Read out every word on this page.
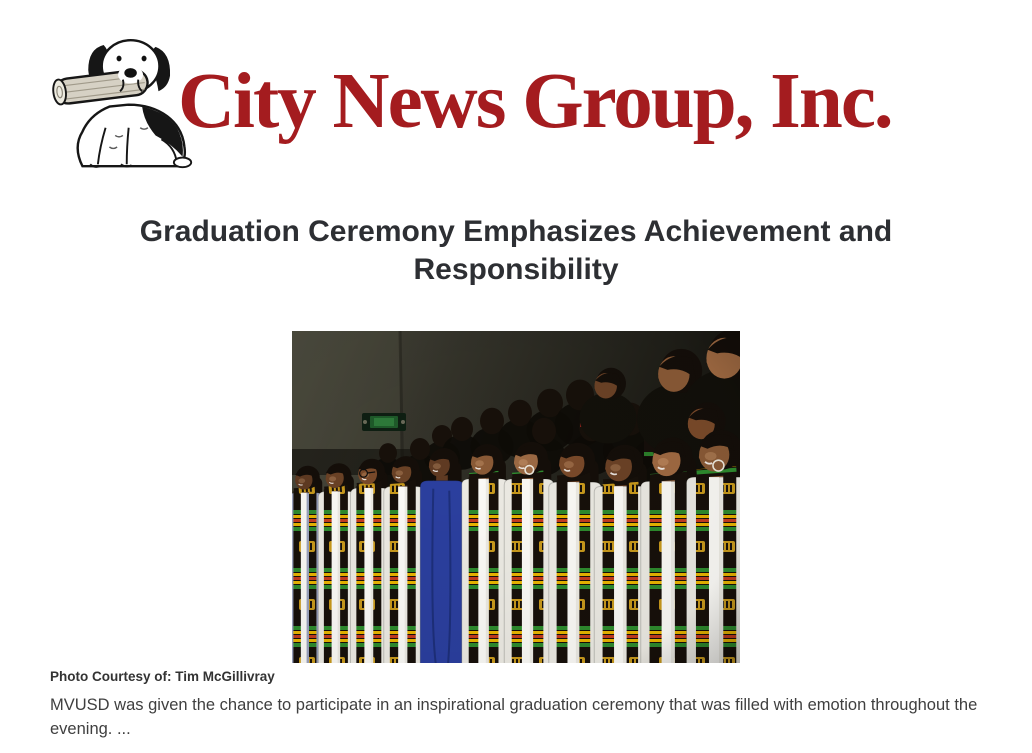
City News Group, Inc.
Graduation Ceremony Emphasizes Achievement and Responsibility
Photo Courtesy of: Tim McGillivray

MVUSD was given the chance to participate in an inspirational graduation ceremony that was filled with emotion throughout the evening. ...
